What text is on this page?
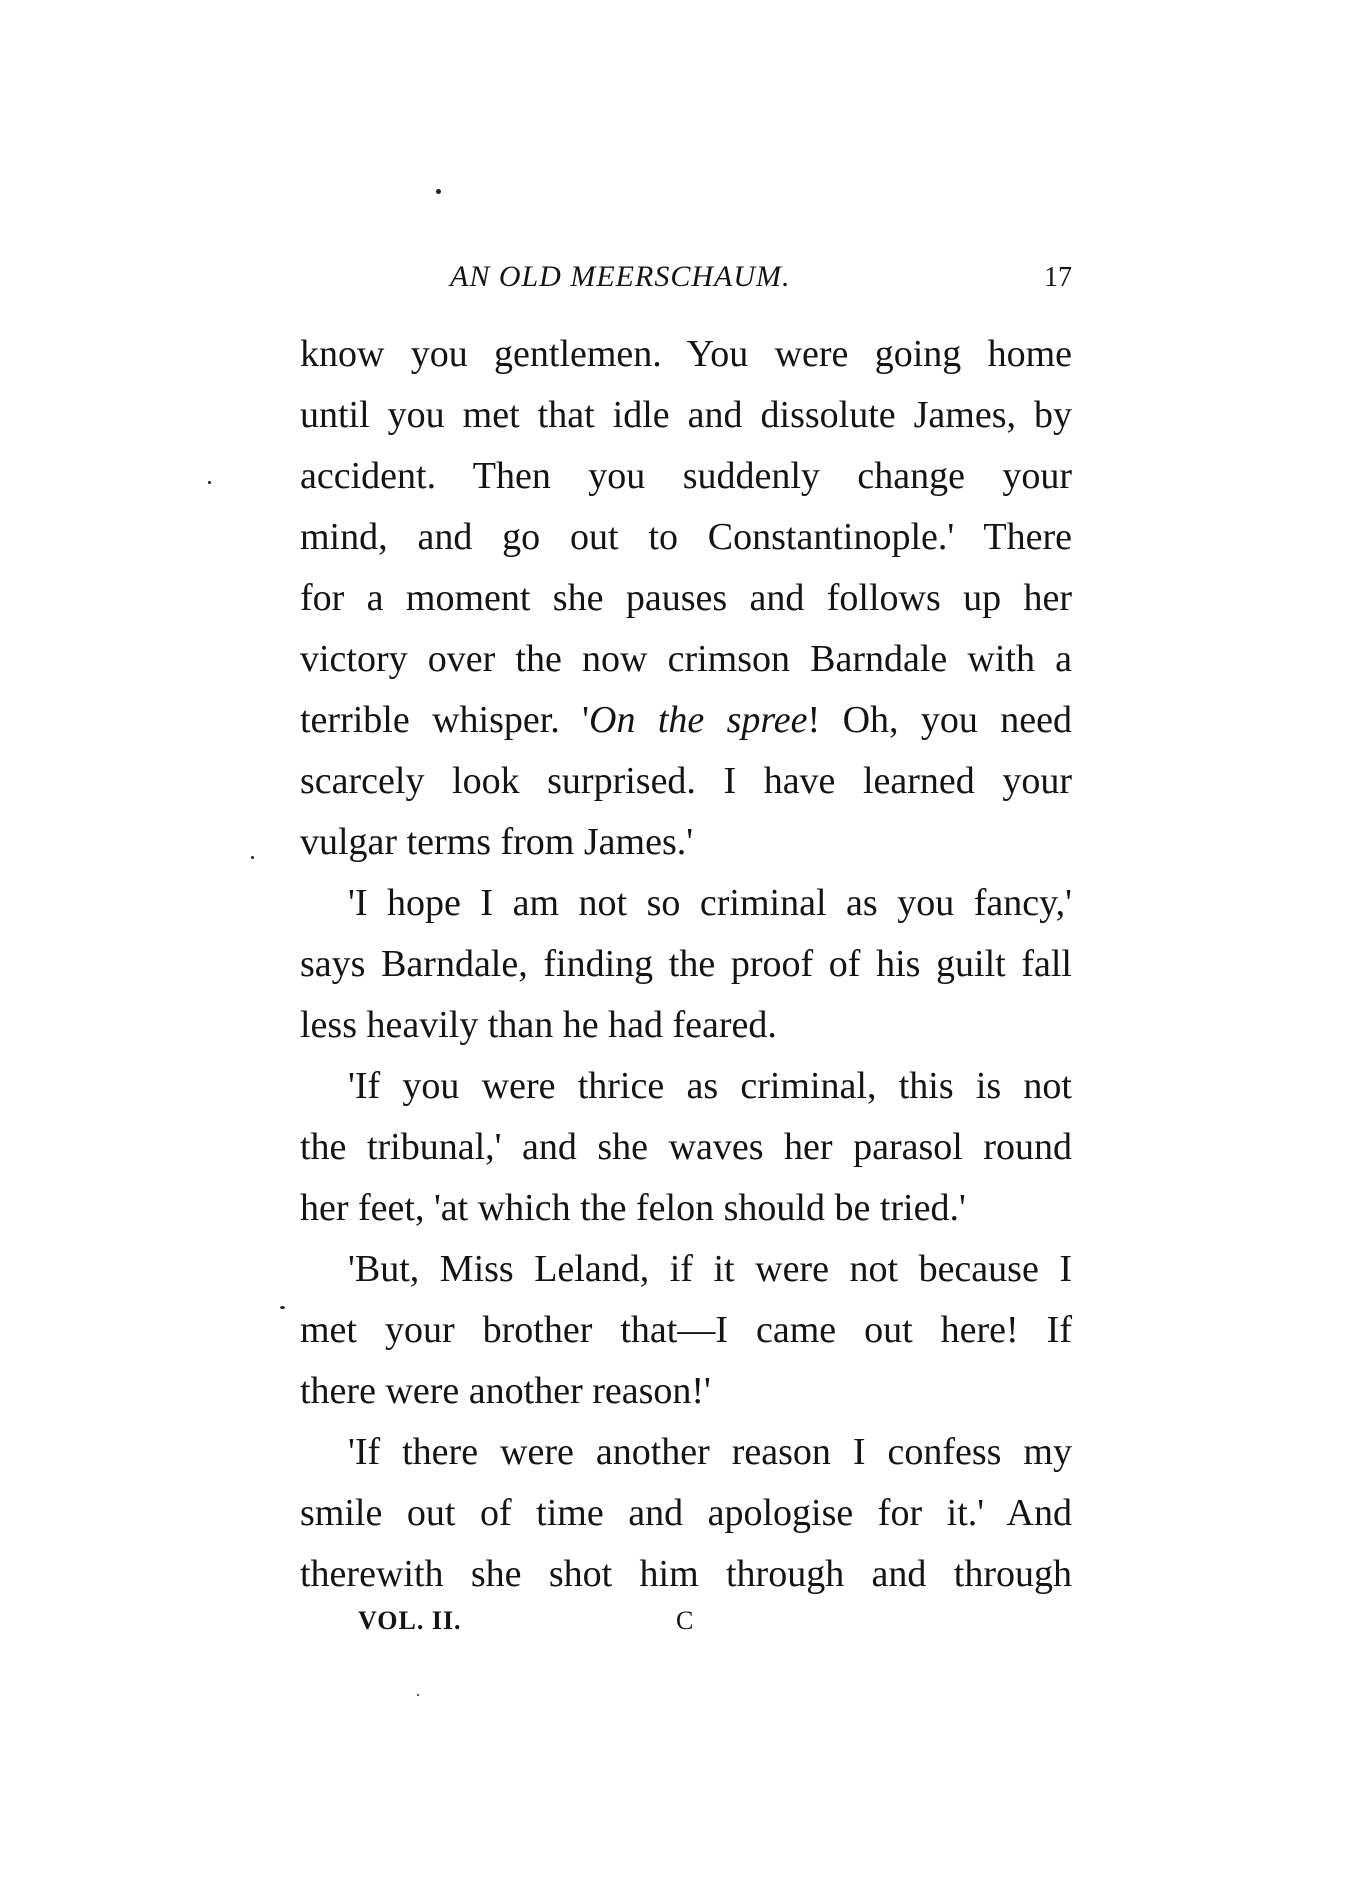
AN OLD MEERSCHAUM.	17
know you gentlemen. You were going home
until you met that idle and dissolute James, by
accident. Then you suddenly change your
mind, and go out to Constantinople.' There
for a moment she pauses and follows up her
victory over the now crimson Barndale with a
terrible whisper. 'On the spree! Oh, you need
scarcely look surprised. I have learned your
vulgar terms from James.'
'I hope I am not so criminal as you fancy,'
says Barndale, finding the proof of his guilt fall
less heavily than he had feared.
'If you were thrice as criminal, this is not
the tribunal,' and she waves her parasol round
her feet, 'at which the felon should be tried.'
'But, Miss Leland, if it were not because I
met your brother that—I came out here! If
there were another reason!'
'If there were another reason I confess my
smile out of time and apologise for it.' And
therewith she shot him through and through
VOL. II.	C
